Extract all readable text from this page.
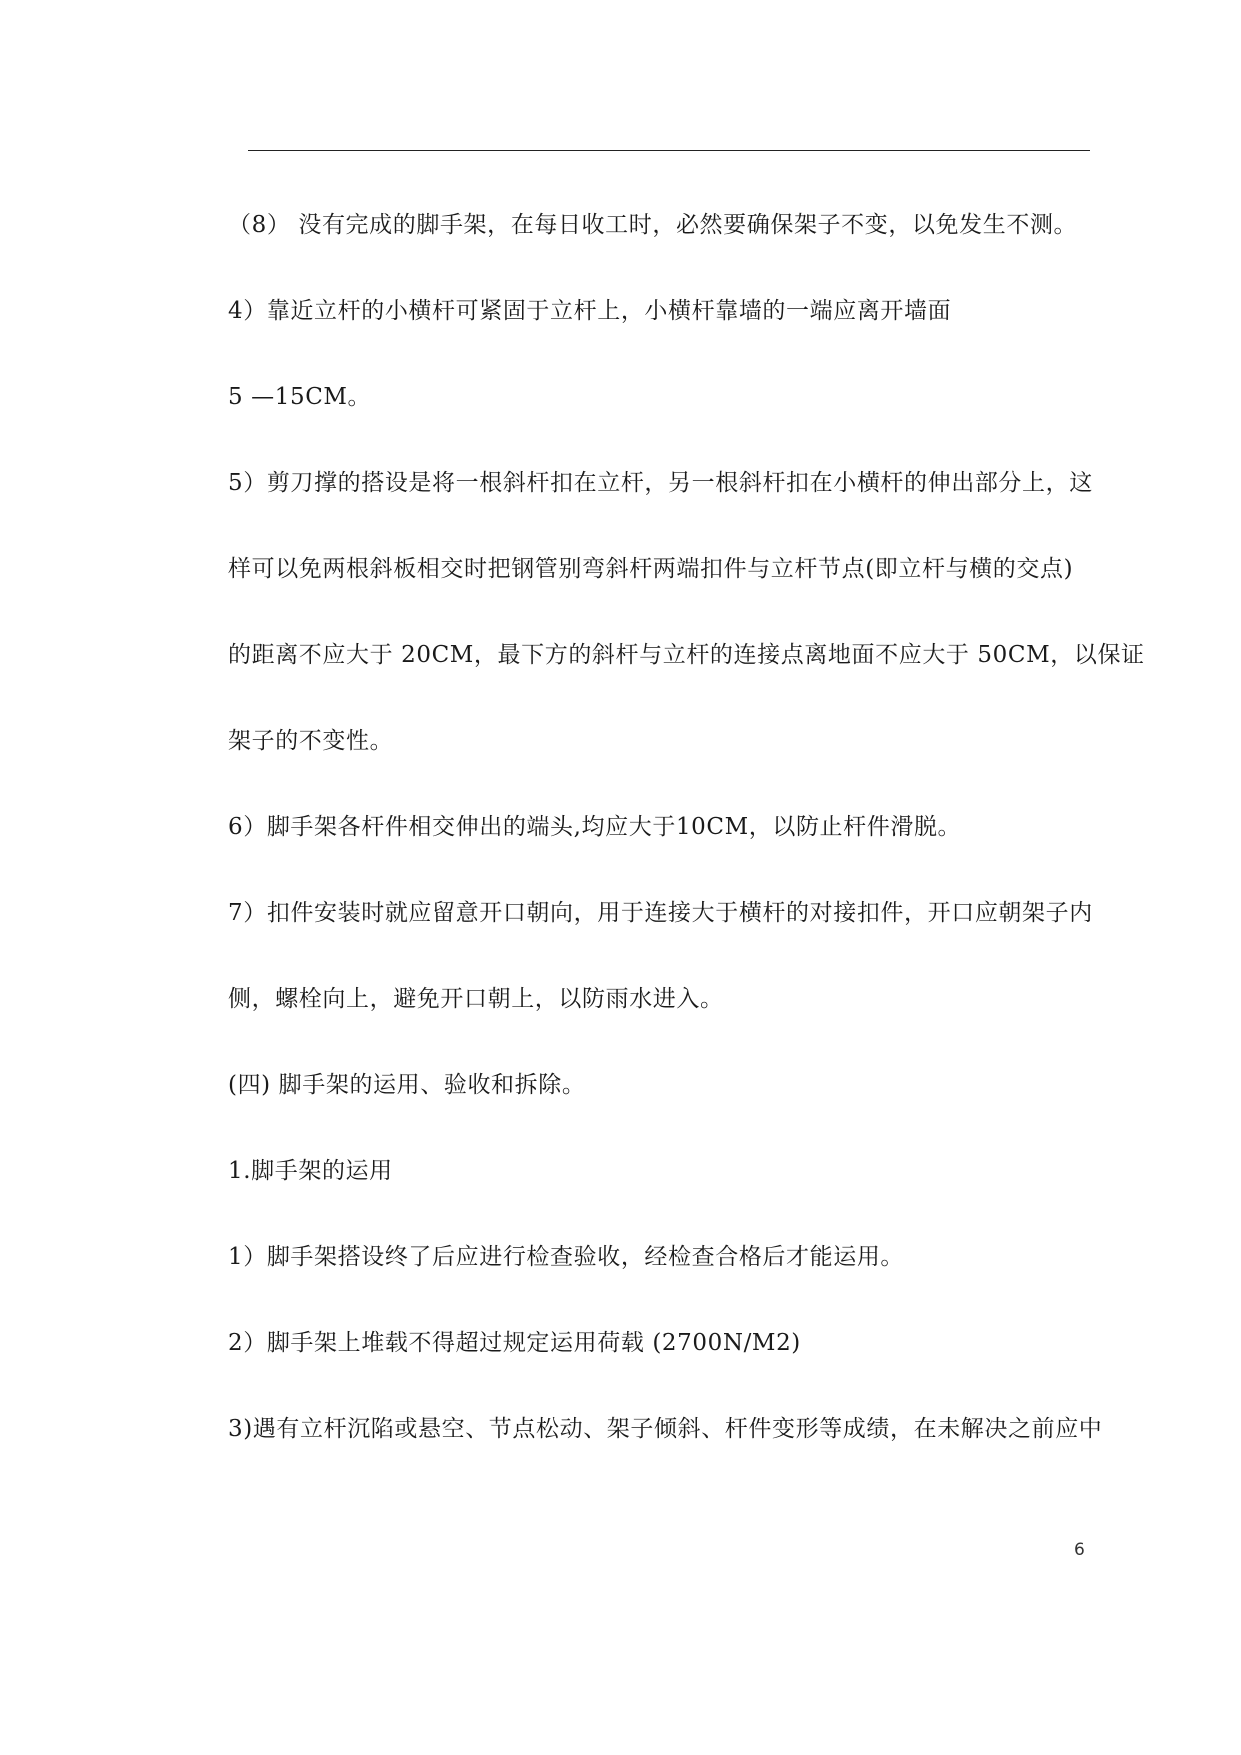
（8） 没有完成的脚手架，在每日收工时，必然要确保架子不变，以免发生不测。
4）靠近立杆的小横杆可紧固于立杆上，小横杆靠墙的一端应离开墙面
5 —15CM。
5）剪刀撑的搭设是将一根斜杆扣在立杆，另一根斜杆扣在小横杆的伸出部分上，这
样可以免两根斜板相交时把钢管别弯斜杆两端扣件与立杆节点(即立杆与横的交点)
的距离不应大于 20CM，最下方的斜杆与立杆的连接点离地面不应大于 50CM，以保证
架子的不变性。
6）脚手架各杆件相交伸出的端头,均应大于10CM，以防止杆件滑脱。
7）扣件安装时就应留意开口朝向，用于连接大于横杆的对接扣件，开口应朝架子内
侧，螺栓向上，避免开口朝上，以防雨水进入。
(四) 脚手架的运用、验收和拆除。
1.脚手架的运用
1）脚手架搭设终了后应进行检查验收，经检查合格后才能运用。
2）脚手架上堆载不得超过规定运用荷载 (2700N/M2)
3)遇有立杆沉陷或悬空、节点松动、架子倾斜、杆件变形等成绩，在未解决之前应中
6
